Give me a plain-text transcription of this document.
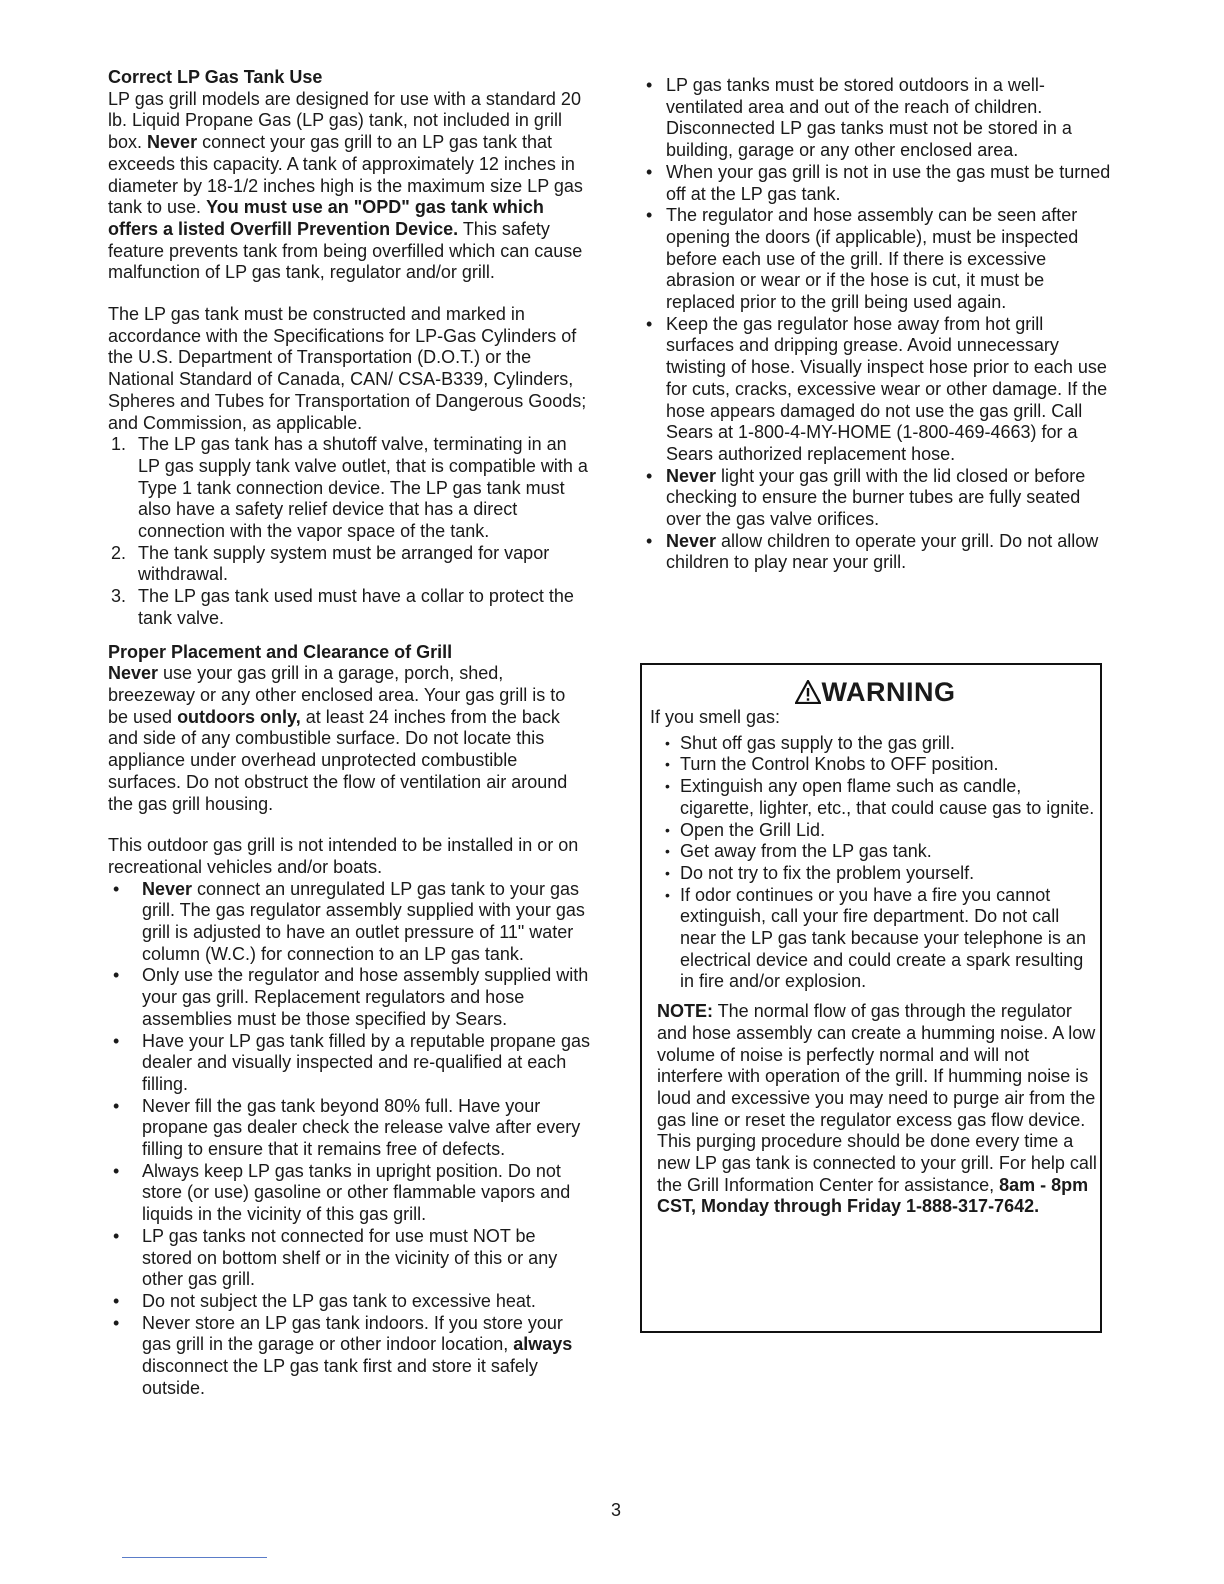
Correct LP Gas Tank Use

LP gas grill models are designed for use with a standard 20 lb. Liquid Propane Gas (LP gas) tank, not included in grill box. Never connect your gas grill to an LP gas tank that exceeds this capacity. A tank of approximately 12 inches in diameter by 18-1/2 inches high is the maximum size LP gas tank to use. You must use an "OPD" gas tank which offers a listed Overfill Prevention Device. This safety feature prevents tank from being overfilled which can cause malfunction of LP gas tank, regulator and/or grill.

The LP gas tank must be constructed and marked in accordance with the Specifications for LP-Gas Cylinders of the U.S. Department of Transportation (D.O.T.) or the National Standard of Canada, CAN/ CSA-B339, Cylinders, Spheres and Tubes for Transportation of Dangerous Goods; and Commission, as applicable.

1. The LP gas tank has a shutoff valve, terminating in an LP gas supply tank valve outlet, that is compatible with a Type 1 tank connection device. The LP gas tank must also have a safety relief device that has a direct connection with the vapor space of the tank.
2. The tank supply system must be arranged for vapor withdrawal.
3. The LP gas tank used must have a collar to protect the tank valve.

Proper Placement and Clearance of Grill

Never use your gas grill in a garage, porch, shed, breezeway or any other enclosed area. Your gas grill is to be used outdoors only, at least 24 inches from the back and side of any combustible surface. Do not locate this appliance under overhead unprotected combustible surfaces. Do not obstruct the flow of ventilation air around the gas grill housing.

This outdoor gas grill is not intended to be installed in or on recreational vehicles and/or boats.

• Never connect an unregulated LP gas tank to your gas grill. The gas regulator assembly supplied with your gas grill is adjusted to have an outlet pressure of 11" water column (W.C.) for connection to an LP gas tank.
• Only use the regulator and hose assembly supplied with your gas grill. Replacement regulators and hose assemblies must be those specified by Sears.
• Have your LP gas tank filled by a reputable propane gas dealer and visually inspected and re-qualified at each filling.
• Never fill the gas tank beyond 80% full. Have your propane gas dealer check the release valve after every filling to ensure that it remains free of defects.
• Always keep LP gas tanks in upright position. Do not store (or use) gasoline or other flammable vapors and liquids in the vicinity of this gas grill.
• LP gas tanks not connected for use must NOT be stored on bottom shelf or in the vicinity of this or any other gas grill.
• Do not subject the LP gas tank to excessive heat.
• Never store an LP gas tank indoors. If you store your gas grill in the garage or other indoor location, always disconnect the LP gas tank first and store it safely outside.
• LP gas tanks must be stored outdoors in a well-ventilated area and out of the reach of children. Disconnected LP gas tanks must not be stored in a building, garage or any other enclosed area.
• When your gas grill is not in use the gas must be turned off at the LP gas tank.
• The regulator and hose assembly can be seen after opening the doors (if applicable), must be inspected before each use of the grill. If there is excessive abrasion or wear or if the hose is cut, it must be replaced prior to the grill being used again.
• Keep the gas regulator hose away from hot grill surfaces and dripping grease. Avoid unnecessary twisting of hose. Visually inspect hose prior to each use for cuts, cracks, excessive wear or other damage. If the hose appears damaged do not use the gas grill. Call Sears at 1-800-4-MY-HOME (1-800-469-4663) for a Sears authorized replacement hose.
• Never light your gas grill with the lid closed or before checking to ensure the burner tubes are fully seated over the gas valve orifices.
• Never allow children to operate your grill. Do not allow children to play near your grill.
WARNING

If you smell gas:

• Shut off gas supply to the gas grill.
• Turn the Control Knobs to OFF position.
• Extinguish any open flame such as candle, cigarette, lighter, etc., that could cause gas to ignite.
• Open the Grill Lid.
• Get away from the LP gas tank.
• Do not try to fix the problem yourself.
• If odor continues or you have a fire you cannot extinguish, call your fire department. Do not call near the LP gas tank because your telephone is an electrical device and could create a spark resulting in fire and/or explosion.

NOTE: The normal flow of gas through the regulator and hose assembly can create a humming noise. A low volume of noise is perfectly normal and will not interfere with operation of the grill. If humming noise is loud and excessive you may need to purge air from the gas line or reset the regulator excess gas flow device. This purging procedure should be done every time a new LP gas tank is connected to your grill. For help call the Grill Information Center for assistance, 8am - 8pm CST, Monday through Friday 1-888-317-7642.

3
